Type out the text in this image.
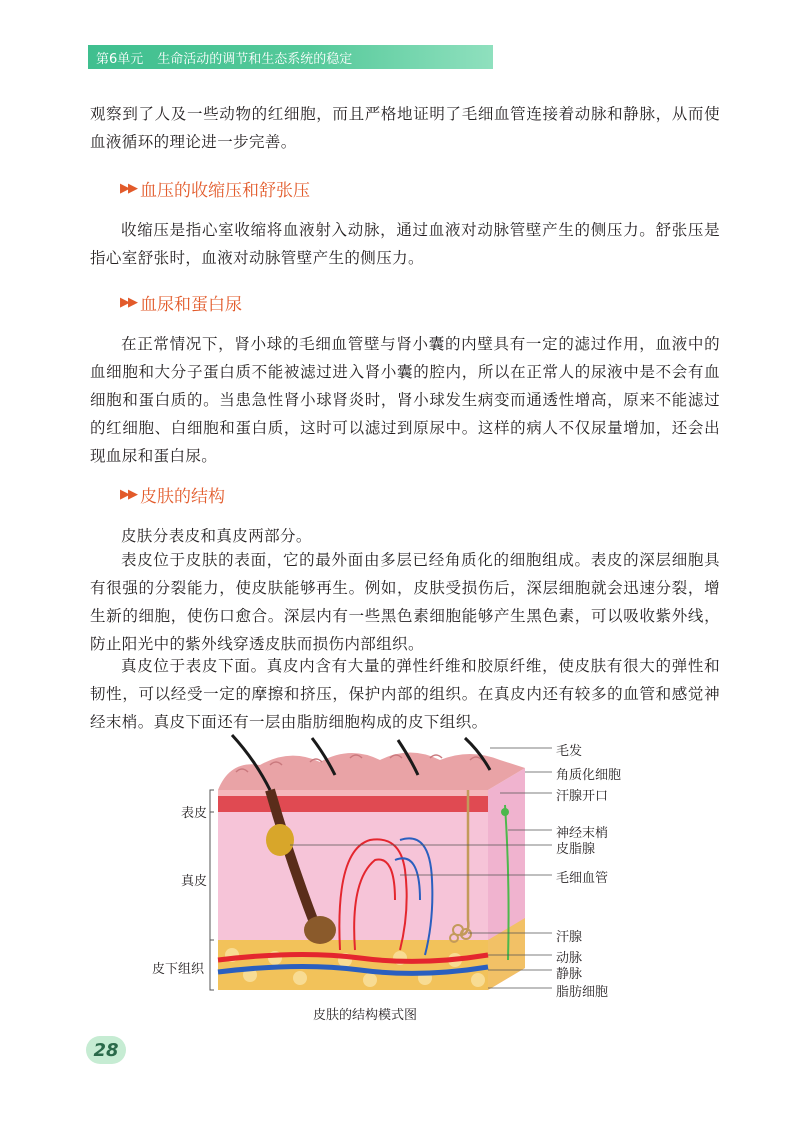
第6单元 生命活动的调节和生态系统的稳定

观察到了人及一些动物的红细胞，而且严格地证明了毛细血管连接着动脉和静脉，从而使血液循环的理论进一步完善。

▶▶ 血压的收缩压和舒张压

收缩压是指心室收缩将血液射入动脉，通过血液对动脉管壁产生的侧压力。舒张压是指心室舒张时，血液对动脉管壁产生的侧压力。

▶▶ 血尿和蛋白尿

在正常情况下，肾小球的毛细血管壁与肾小囊的内壁具有一定的滤过作用，血液中的血细胞和大分子蛋白质不能被滤过进入肾小囊的腔内，所以在正常人的尿液中是不会有血细胞和蛋白质的。当患急性肾小球肾炎时，肾小球发生病变而通透性增高，原来不能滤过的红细胞、白细胞和蛋白质，这时可以滤过到原尿中。这样的病人不仅尿量增加，还会出现血尿和蛋白尿。

▶▶ 皮肤的结构

皮肤分表皮和真皮两部分。

表皮位于皮肤的表面，它的最外面由多层已经角质化的细胞组成。表皮的深层细胞具有很强的分裂能力，使皮肤能够再生。例如，皮肤受损伤后，深层细胞就会迅速分裂，增生新的细胞，使伤口愈合。深层内有一些黑色素细胞能够产生黑色素，可以吸收紫外线，防止阳光中的紫外线穿透皮肤而损伤内部组织。

真皮位于表皮下面。真皮内含有大量的弹性纤维和胶原纤维，使皮肤有很大的弹性和韧性，可以经受一定的摩擦和挤压，保护内部的组织。在真皮内还有较多的血管和感觉神经末梢。真皮下面还有一层由脂肪细胞构成的皮下组织。

表皮
真皮
皮下组织
毛发
角质化细胞
汗腺开口
神经末梢
皮脂腺
毛细血管
汗腺
动脉
静脉
脂肪细胞
皮肤的结构模式图
28
